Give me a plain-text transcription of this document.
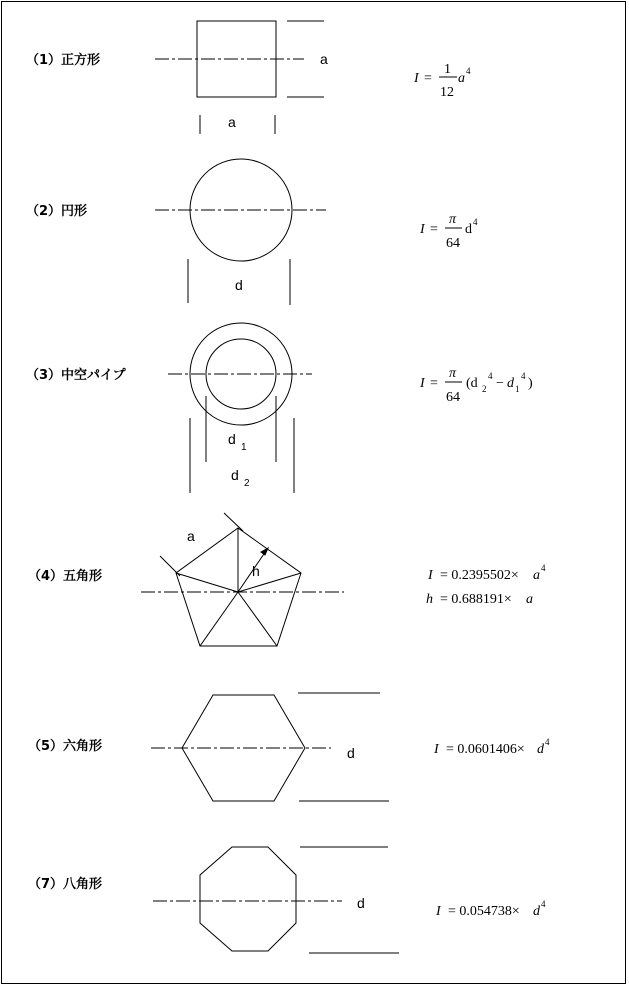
（1）正方形	a
a
I =
1
12
a 4
（2）円形
d
I =
π
64
d 4
（3）中空パイプ
d
1
d
2
I =
π
64
(d 2
4 − d 1
4 )
（4）五角形
a
h	I = 0.2395502× a 4
h = 0.688191× a
（5）六角形	d	I = 0.0601406× d 4
（7）八角形
d
I = 0.054738× d 4
